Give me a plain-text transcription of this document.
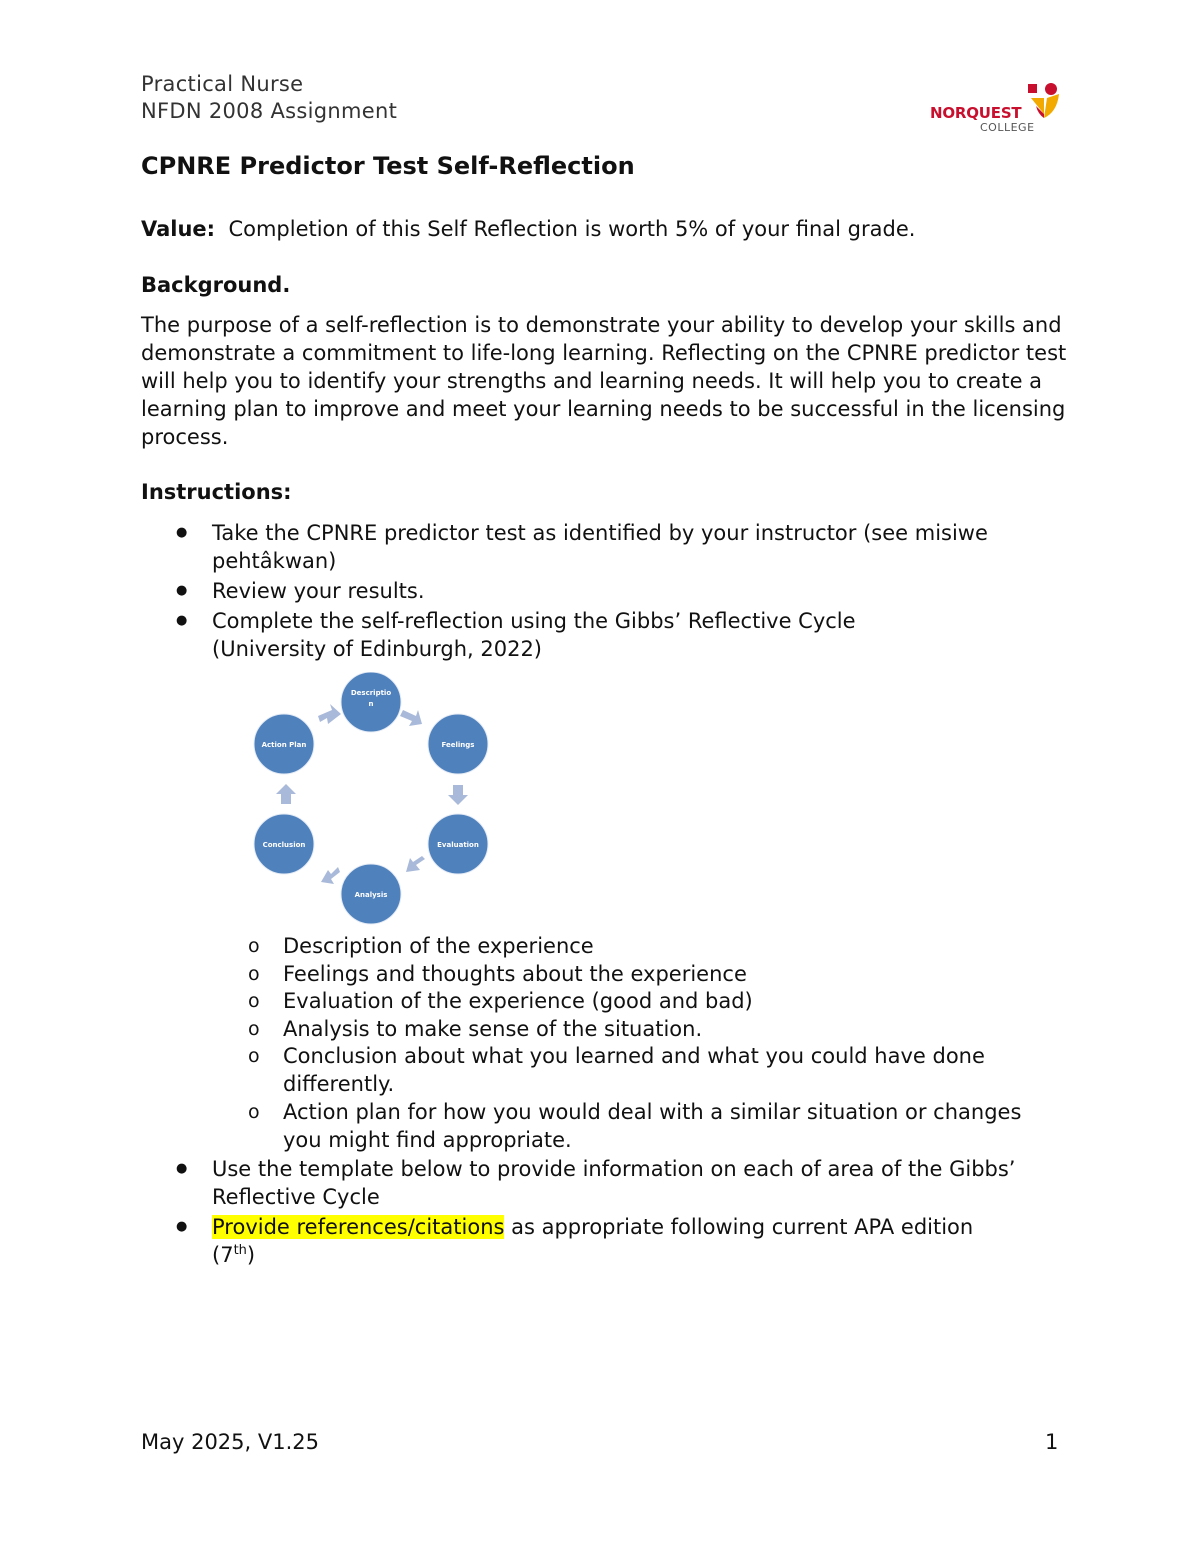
Practical Nurse
NFDN 2008 Assignment	NORQUEST
COLLEGE
CPNRE Predictor Test Self-Reflection
Value: Completion of this Self Reflection is worth 5% of your final grade.
Background.
The purpose of a self-reflection is to demonstrate your ability to develop your skills and demonstrate a commitment to life-long learning. Reflecting on the CPNRE predictor test will help you to identify your strengths and learning needs. It will help you to create a learning plan to improve and meet your learning needs to be successful in the licensing process.
Instructions:
● Take the CPNRE predictor test as identified by your instructor (see misiwe pehtâkwan)
● Review your results.
● Complete the self-reflection using the Gibbs’ Reflective Cycle (University of Edinburgh, 2022)
Descriptio
n
Feelings
Evaluation
Analysis
Conclusion
Action Plan
o Description of the experience
o Feelings and thoughts about the experience
o Evaluation of the experience (good and bad)
o Analysis to make sense of the situation.
o Conclusion about what you learned and what you could have done differently.
o Action plan for how you would deal with a similar situation or changes you might find appropriate.
● Use the template below to provide information on each of area of the Gibbs’ Reflective Cycle
● Provide references/citations as appropriate following current APA edition (7th)
May 2025, V1.25	1
